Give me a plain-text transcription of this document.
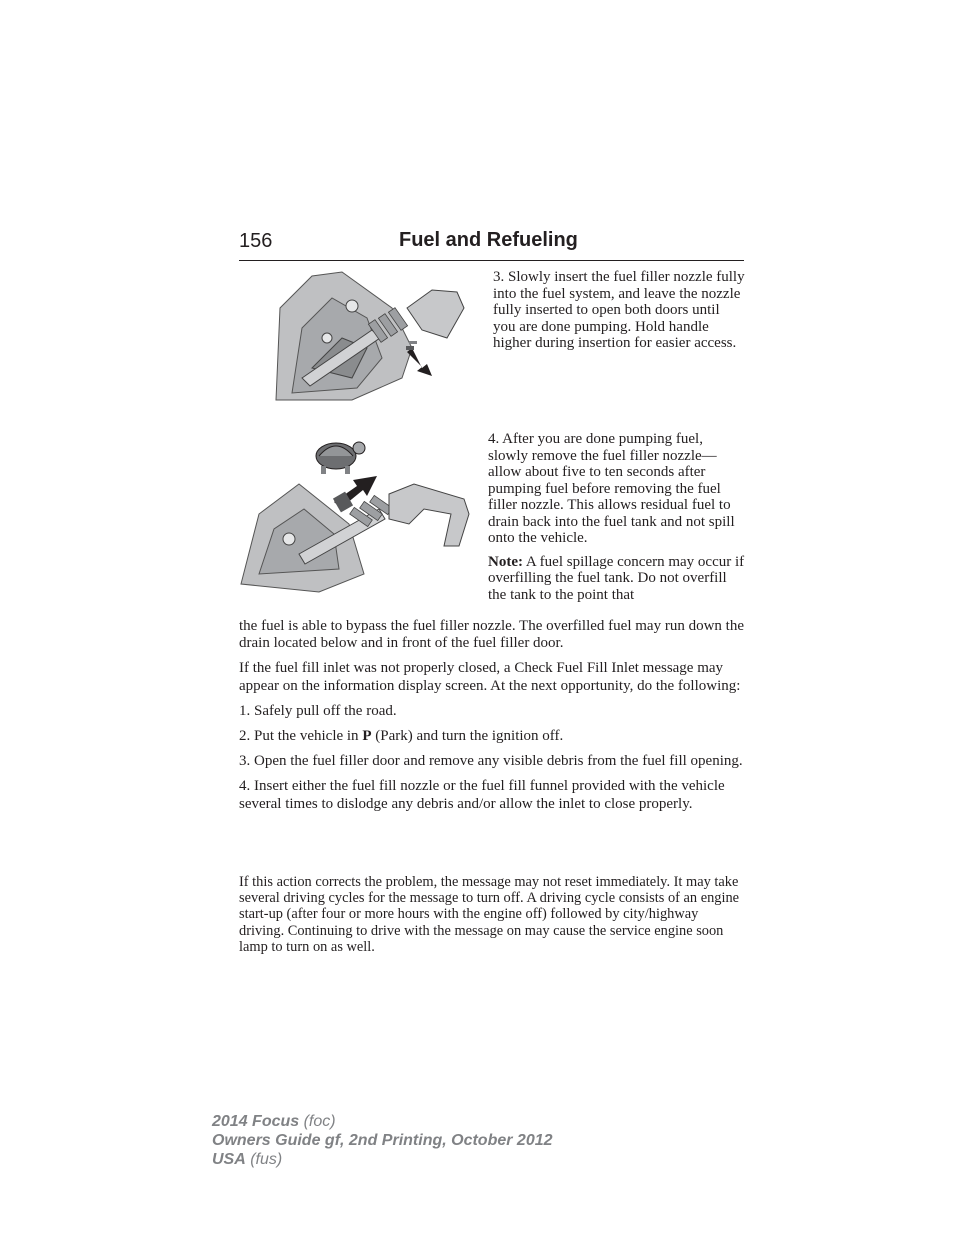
156	Fuel and Refueling

3. Slowly insert the fuel filler nozzle fully into the fuel system, and leave the nozzle fully inserted to open both doors until you are done pumping. Hold handle higher during insertion for easier access.

4. After you are done pumping fuel, slowly remove the fuel filler nozzle—allow about five to ten seconds after pumping fuel before removing the fuel filler nozzle. This allows residual fuel to drain back into the fuel tank and not spill onto the vehicle.

Note: A fuel spillage concern may occur if overfilling the fuel tank. Do not overfill the tank to the point that

the fuel is able to bypass the fuel filler nozzle. The overfilled fuel may run down the drain located below and in front of the fuel filler door.

If the fuel fill inlet was not properly closed, a Check Fuel Fill Inlet message may appear on the information display screen. At the next opportunity, do the following:

1. Safely pull off the road.

2. Put the vehicle in P (Park) and turn the ignition off.

3. Open the fuel filler door and remove any visible debris from the fuel fill opening.

4. Insert either the fuel fill nozzle or the fuel fill funnel provided with the vehicle several times to dislodge any debris and/or allow the inlet to close properly.

If this action corrects the problem, the message may not reset immediately. It may take several driving cycles for the message to turn off. A driving cycle consists of an engine start-up (after four or more hours with the engine off) followed by city/highway driving. Continuing to drive with the message on may cause the service engine soon lamp to turn on as well.

2014 Focus (foc)
Owners Guide gf, 2nd Printing, October 2012
USA (fus)
